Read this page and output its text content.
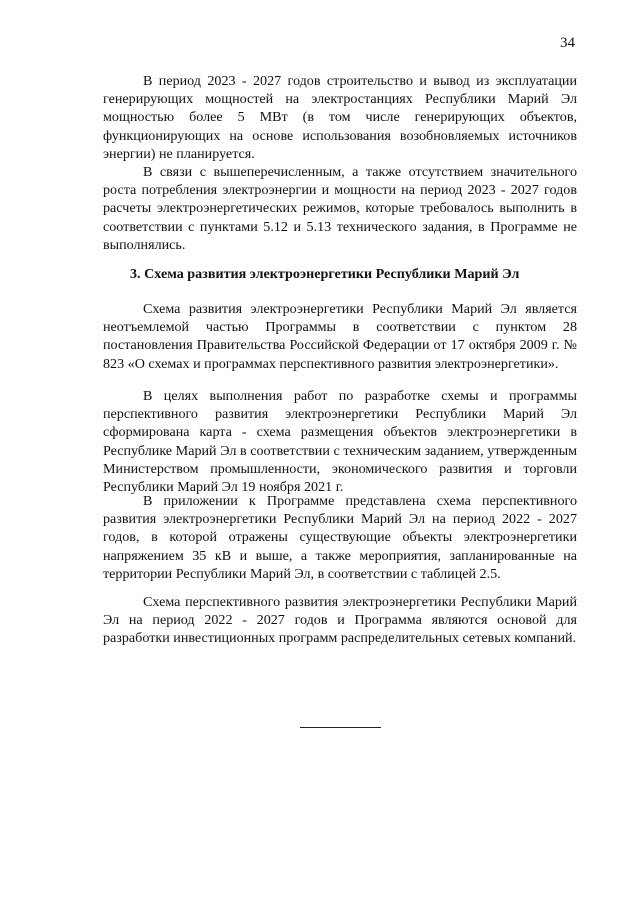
34

В период 2023 - 2027 годов строительство и вывод из эксплуатации генерирующих мощностей на электростанциях Республики Марий Эл мощностью более 5 МВт (в том числе генерирующих объектов, функционирующих на основе использования возобновляемых источников энергии) не планируется.

В связи с вышеперечисленным, а также отсутствием значительного роста потребления электроэнергии и мощности на период 2023 - 2027 годов расчеты электроэнергетических режимов, которые требовалось выполнить в соответствии с пунктами 5.12 и 5.13 технического задания, в Программе не выполнялись.

3. Схема развития электроэнергетики Республики Марий Эл

Схема развития электроэнергетики Республики Марий Эл является неотъемлемой частью Программы в соответствии с пунктом 28 постановления Правительства Российской Федерации от 17 октября 2009 г. № 823 «О схемах и программах перспективного развития электроэнергетики».

В целях выполнения работ по разработке схемы и программы перспективного развития электроэнергетики Республики Марий Эл сформирована карта - схема размещения объектов электроэнергетики в Республике Марий Эл в соответствии с техническим заданием, утвержденным Министерством промышленности, экономического развития и торговли Республики Марий Эл 19 ноября 2021 г.

В приложении к Программе представлена схема перспективного развития электроэнергетики Республики Марий Эл на период 2022 - 2027 годов, в которой отражены существующие объекты электроэнергетики напряжением 35 кВ и выше, а также мероприятия, запланированные на территории Республики Марий Эл, в соответствии с таблицей 2.5.

Схема перспективного развития электроэнергетики Республики Марий Эл на период 2022 - 2027 годов и Программа являются основой для разработки инвестиционных программ распределительных сетевых компаний.
